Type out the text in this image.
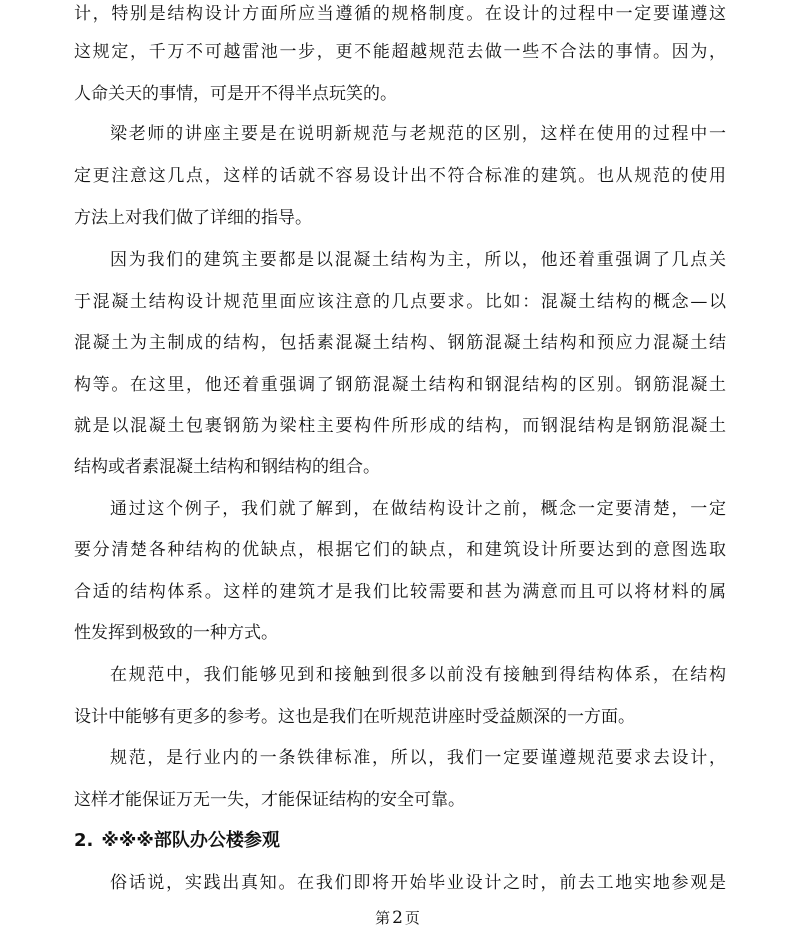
计，特别是结构设计方面所应当遵循的规格制度。在设计的过程中一定要谨遵这
这规定，千万不可越雷池一步，更不能超越规范去做一些不合法的事情。因为，
人命关天的事情，可是开不得半点玩笑的。
梁老师的讲座主要是在说明新规范与老规范的区别，这样在使用的过程中一
定更注意这几点，这样的话就不容易设计出不符合标准的建筑。也从规范的使用
方法上对我们做了详细的指导。
因为我们的建筑主要都是以混凝土结构为主，所以，他还着重强调了几点关
于混凝土结构设计规范里面应该注意的几点要求。比如：混凝土结构的概念—以
混凝土为主制成的结构，包括素混凝土结构、钢筋混凝土结构和预应力混凝土结
构等。在这里，他还着重强调了钢筋混凝土结构和钢混结构的区别。钢筋混凝土
就是以混凝土包裹钢筋为梁柱主要构件所形成的结构，而钢混结构是钢筋混凝土
结构或者素混凝土结构和钢结构的组合。
通过这个例子，我们就了解到，在做结构设计之前，概念一定要清楚，一定
要分清楚各种结构的优缺点，根据它们的缺点，和建筑设计所要达到的意图选取
合适的结构体系。这样的建筑才是我们比较需要和甚为满意而且可以将材料的属
性发挥到极致的一种方式。
在规范中，我们能够见到和接触到很多以前没有接触到得结构体系，在结构
设计中能够有更多的参考。这也是我们在听规范讲座时受益颇深的一方面。
规范，是行业内的一条铁律标准，所以，我们一定要谨遵规范要求去设计，
这样才能保证万无一失，才能保证结构的安全可靠。
2. ※※※部队办公楼参观
俗话说，实践出真知。在我们即将开始毕业设计之时，前去工地实地参观是
第 2 页
